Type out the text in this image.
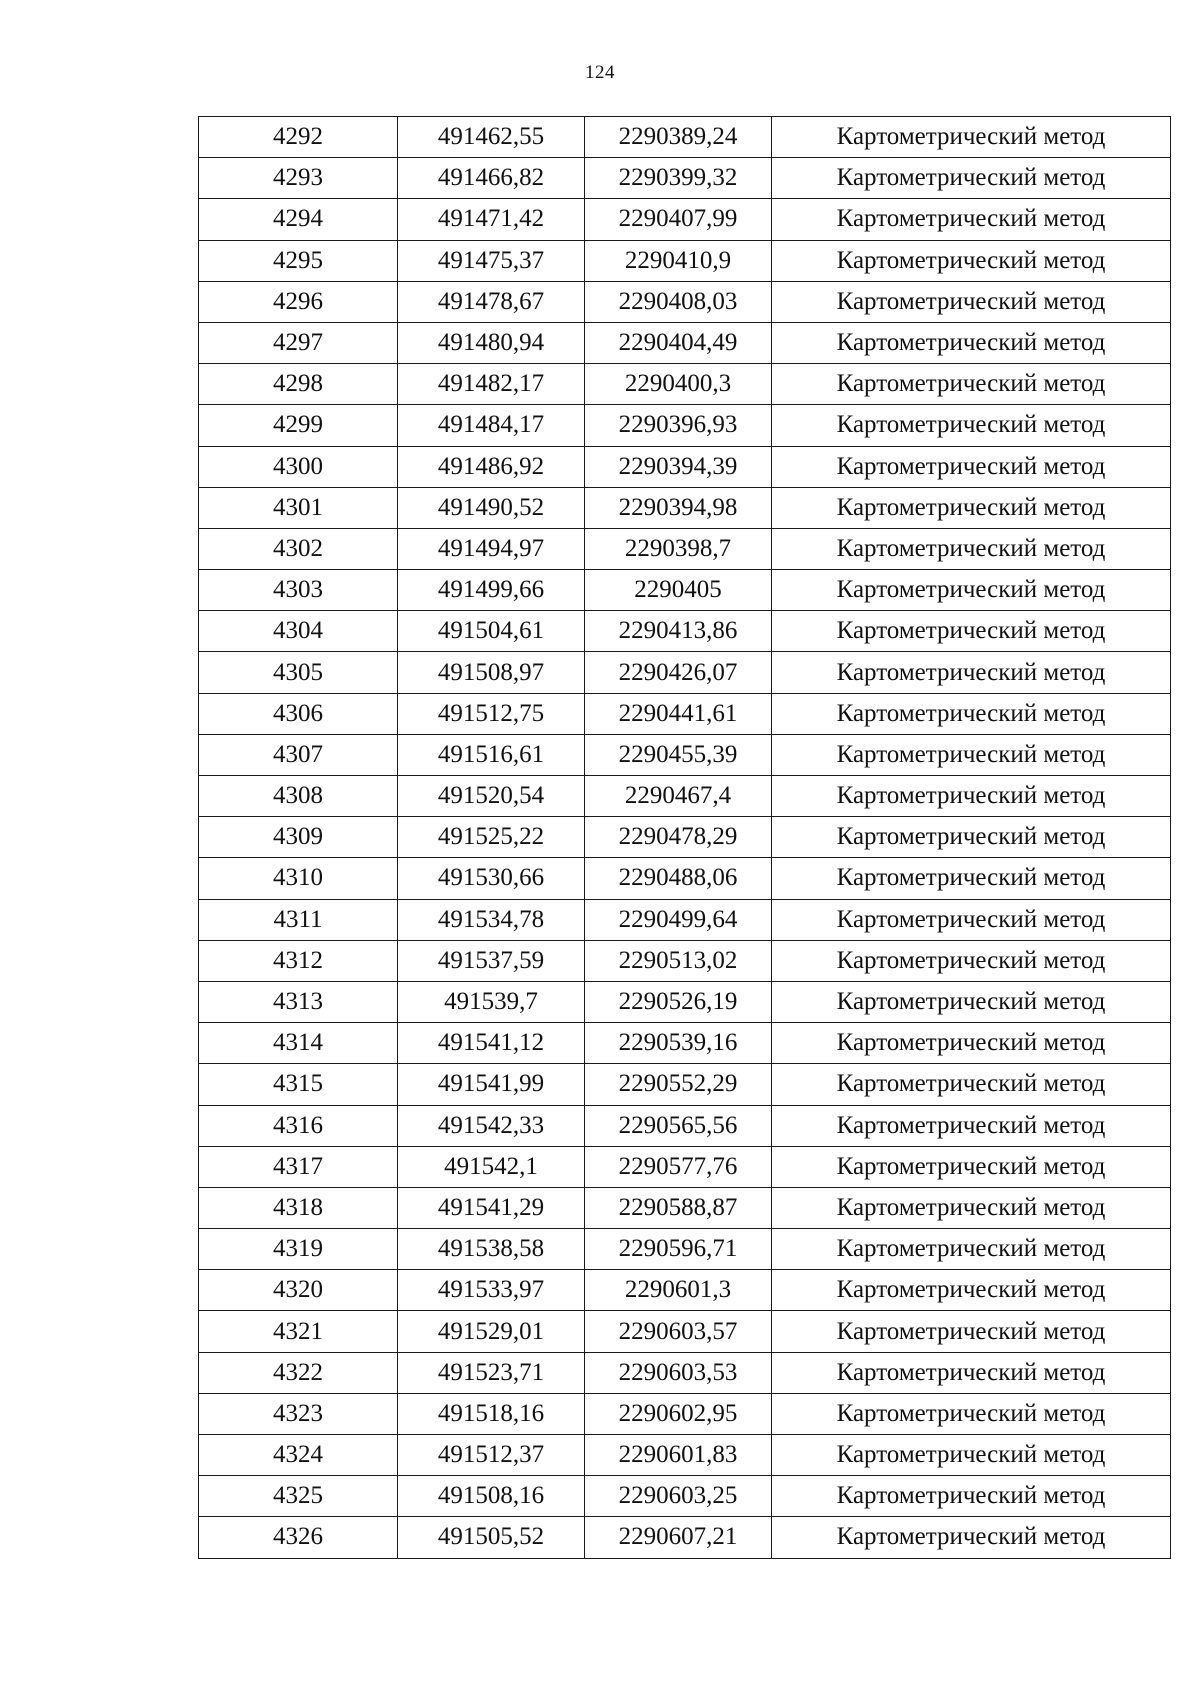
124
4292	491462,55	2290389,24	Картометрический метод
4293	491466,82	2290399,32	Картометрический метод
4294	491471,42	2290407,99	Картометрический метод
4295	491475,37	2290410,9	Картометрический метод
4296	491478,67	2290408,03	Картометрический метод
4297	491480,94	2290404,49	Картометрический метод
4298	491482,17	2290400,3	Картометрический метод
4299	491484,17	2290396,93	Картометрический метод
4300	491486,92	2290394,39	Картометрический метод
4301	491490,52	2290394,98	Картометрический метод
4302	491494,97	2290398,7	Картометрический метод
4303	491499,66	2290405	Картометрический метод
4304	491504,61	2290413,86	Картометрический метод
4305	491508,97	2290426,07	Картометрический метод
4306	491512,75	2290441,61	Картометрический метод
4307	491516,61	2290455,39	Картометрический метод
4308	491520,54	2290467,4	Картометрический метод
4309	491525,22	2290478,29	Картометрический метод
4310	491530,66	2290488,06	Картометрический метод
4311	491534,78	2290499,64	Картометрический метод
4312	491537,59	2290513,02	Картометрический метод
4313	491539,7	2290526,19	Картометрический метод
4314	491541,12	2290539,16	Картометрический метод
4315	491541,99	2290552,29	Картометрический метод
4316	491542,33	2290565,56	Картометрический метод
4317	491542,1	2290577,76	Картометрический метод
4318	491541,29	2290588,87	Картометрический метод
4319	491538,58	2290596,71	Картометрический метод
4320	491533,97	2290601,3	Картометрический метод
4321	491529,01	2290603,57	Картометрический метод
4322	491523,71	2290603,53	Картометрический метод
4323	491518,16	2290602,95	Картометрический метод
4324	491512,37	2290601,83	Картометрический метод
4325	491508,16	2290603,25	Картометрический метод
4326	491505,52	2290607,21	Картометрический метод
